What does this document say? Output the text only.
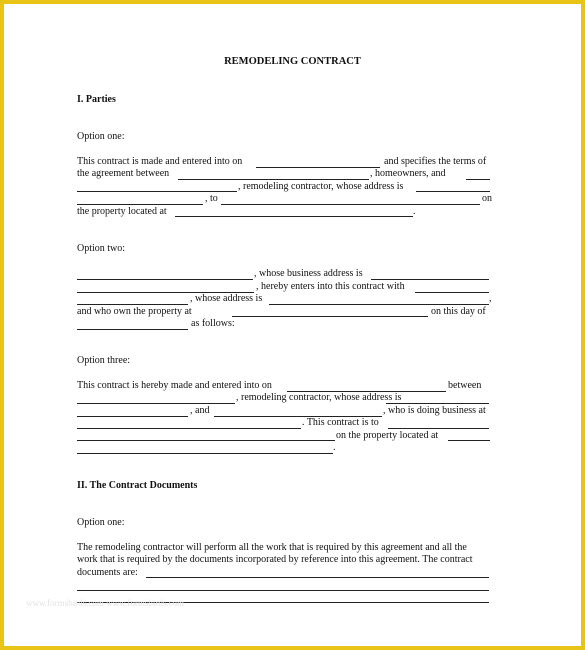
REMODELING CONTRACT
I. Parties
Option one:
This contract is made and entered into on	and specifies the terms of
the agreement between	, homeowners, and
, remodeling contractor, whose address is
, to	on
the property located at	.
Option two:
, whose business address is
, hereby enters into this contract with
, whose address is	,
and who own the property at	on this day of
as follows:
Option three:
This contract is hereby made and entered into on	between
, remodeling contractor, whose address is
, and	, who is doing business at
. This contract is to
on the property located at
.
II. The Contract Documents
Option one:
The remodeling contractor will perform all the work that is required by this agreement and all the
work that is required by the documents incorporated by reference into this agreement. The contract
documents are:
www.formsbirds.com www.formsbirds.com
